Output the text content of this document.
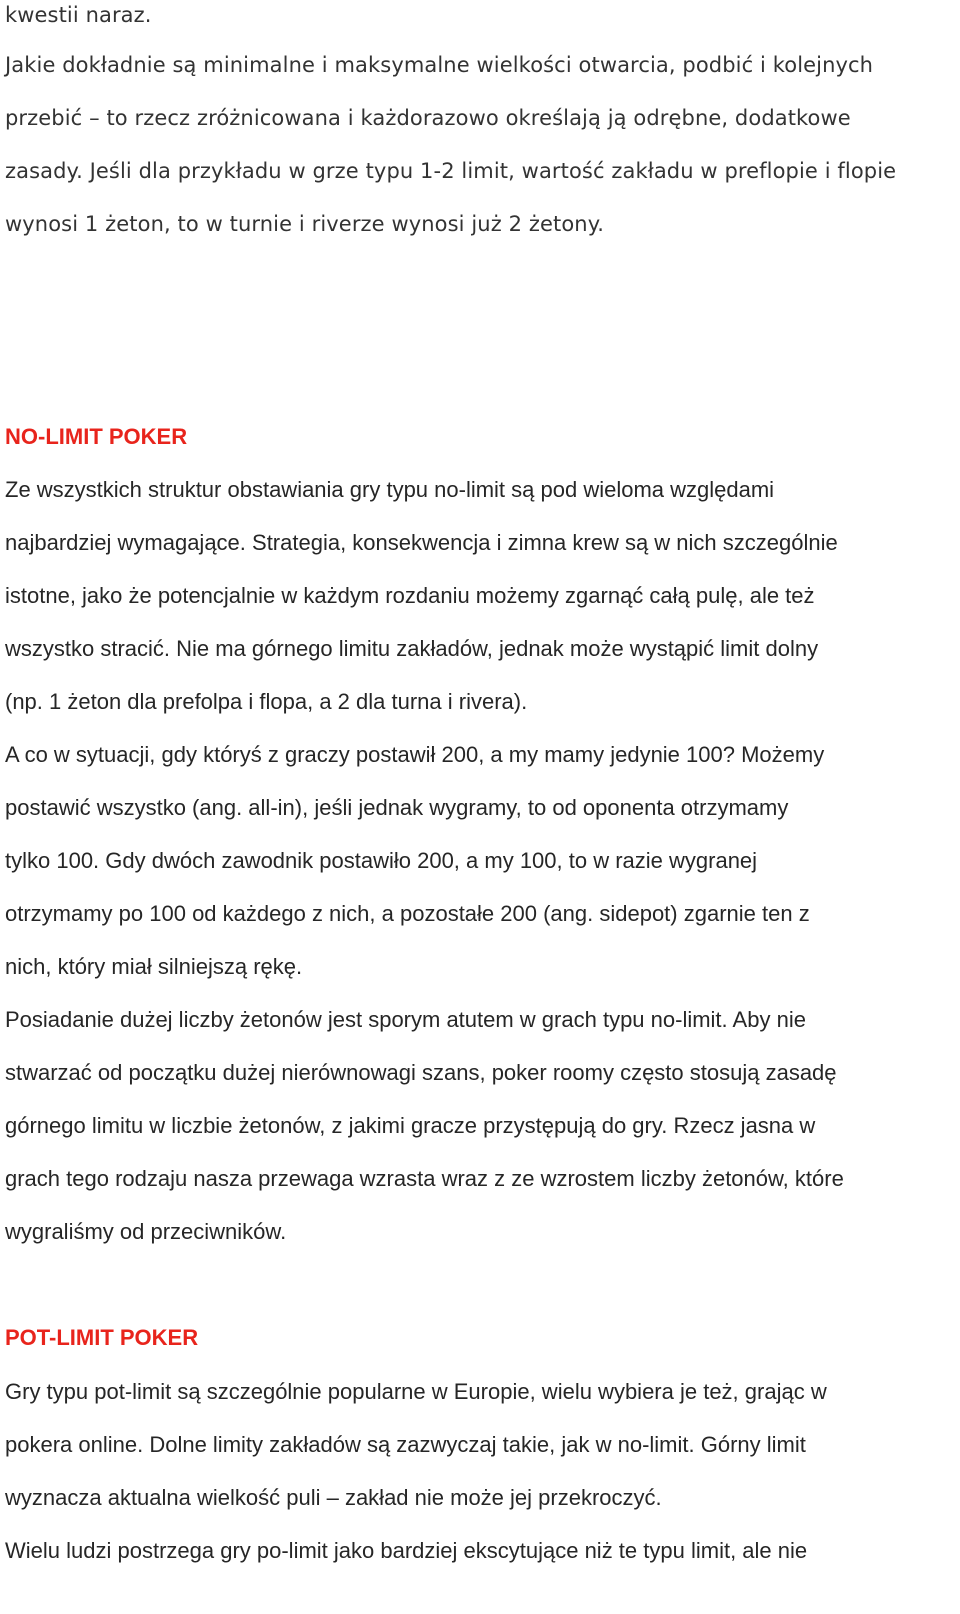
kwestii naraz.
Jakie dokładnie są minimalne i maksymalne wielkości otwarcia, podbić i kolejnych
przebić – to rzecz zróżnicowana i każdorazowo określają ją odrębne, dodatkowe
zasady. Jeśli dla przykładu w grze typu 1-2 limit, wartość zakładu w preflopie i flopie
wynosi 1 żeton, to w turnie i riverze wynosi już 2 żetony.
NO-LIMIT POKER
Ze wszystkich struktur obstawiania gry typu no-limit są pod wieloma względami
najbardziej wymagające. Strategia, konsekwencja i zimna krew są w nich szczególnie
istotne, jako że potencjalnie w każdym rozdaniu możemy zgarnąć całą pulę, ale też
wszystko stracić. Nie ma górnego limitu zakładów, jednak może wystąpić limit dolny
(np. 1 żeton dla prefolpa i flopa, a 2 dla turna i rivera).
A co w sytuacji, gdy któryś z graczy postawił 200, a my mamy jedynie 100? Możemy
postawić wszystko (ang. all-in), jeśli jednak wygramy, to od oponenta otrzymamy
tylko 100. Gdy dwóch zawodnik postawiło 200, a my 100, to w razie wygranej
otrzymamy po 100 od każdego z nich, a pozostałe 200 (ang. sidepot) zgarnie ten z
nich, który miał silniejszą rękę.
Posiadanie dużej liczby żetonów jest sporym atutem w grach typu no-limit. Aby nie
stwarzać od początku dużej nierównowagi szans, poker roomy często stosują zasadę
górnego limitu w liczbie żetonów, z jakimi gracze przystępują do gry. Rzecz jasna w
grach tego rodzaju nasza przewaga wzrasta wraz z ze wzrostem liczby żetonów, które
wygraliśmy od przeciwników.
POT-LIMIT POKER
Gry typu pot-limit są szczególnie popularne w Europie, wielu wybiera je też, grając w
pokera online. Dolne limity zakładów są zazwyczaj takie, jak w no-limit. Górny limit
wyznacza aktualna wielkość puli – zakład nie może jej przekroczyć.
Wielu ludzi postrzega gry po-limit jako bardziej ekscytujące niż te typu limit, ale nie
